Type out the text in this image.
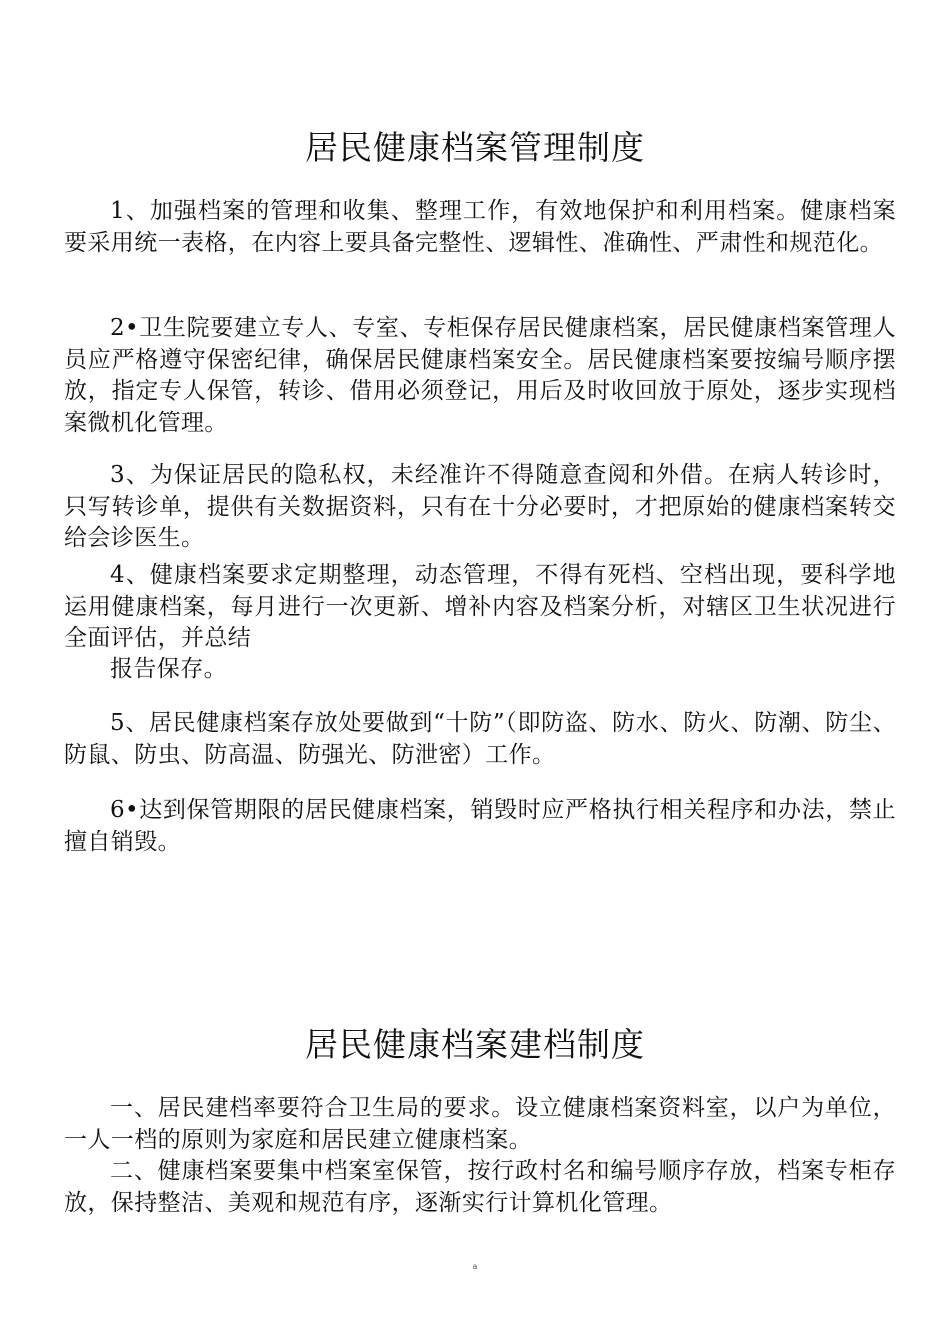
居民健康档案管理制度

1、加强档案的管理和收集、整理工作，有效地保护和利用档案。健康档案要采用统一表格，在内容上要具备完整性、逻辑性、准确性、严肃性和规范化。

2•卫生院要建立专人、专室、专柜保存居民健康档案，居民健康档案管理人员应严格遵守保密纪律，确保居民健康档案安全。居民健康档案要按编号顺序摆放，指定专人保管，转诊、借用必须登记，用后及时收回放于原处，逐步实现档案微机化管理。

3、为保证居民的隐私权，未经准许不得随意查阅和外借。在病人转诊时，只写转诊单，提供有关数据资料，只有在十分必要时，才把原始的健康档案转交给会诊医生。

4、健康档案要求定期整理，动态管理，不得有死档、空档出现，要科学地运用健康档案，每月进行一次更新、增补内容及档案分析，对辖区卫生状况进行全面评估，并总结

报告保存。

5、居民健康档案存放处要做到“十防”（即防盗、防水、防火、防潮、防尘、防鼠、防虫、防高温、防强光、防泄密）工作。

6•达到保管期限的居民健康档案，销毁时应严格执行相关程序和办法，禁止擅自销毁。

居民健康档案建档制度

一、居民建档率要符合卫生局的要求。设立健康档案资料室，以户为单位，一人一档的原则为家庭和居民建立健康档案。

二、健康档案要集中档案室保管，按行政村名和编号顺序存放，档案专柜存放，保持整洁、美观和规范有序，逐渐实行计算机化管理。

a
